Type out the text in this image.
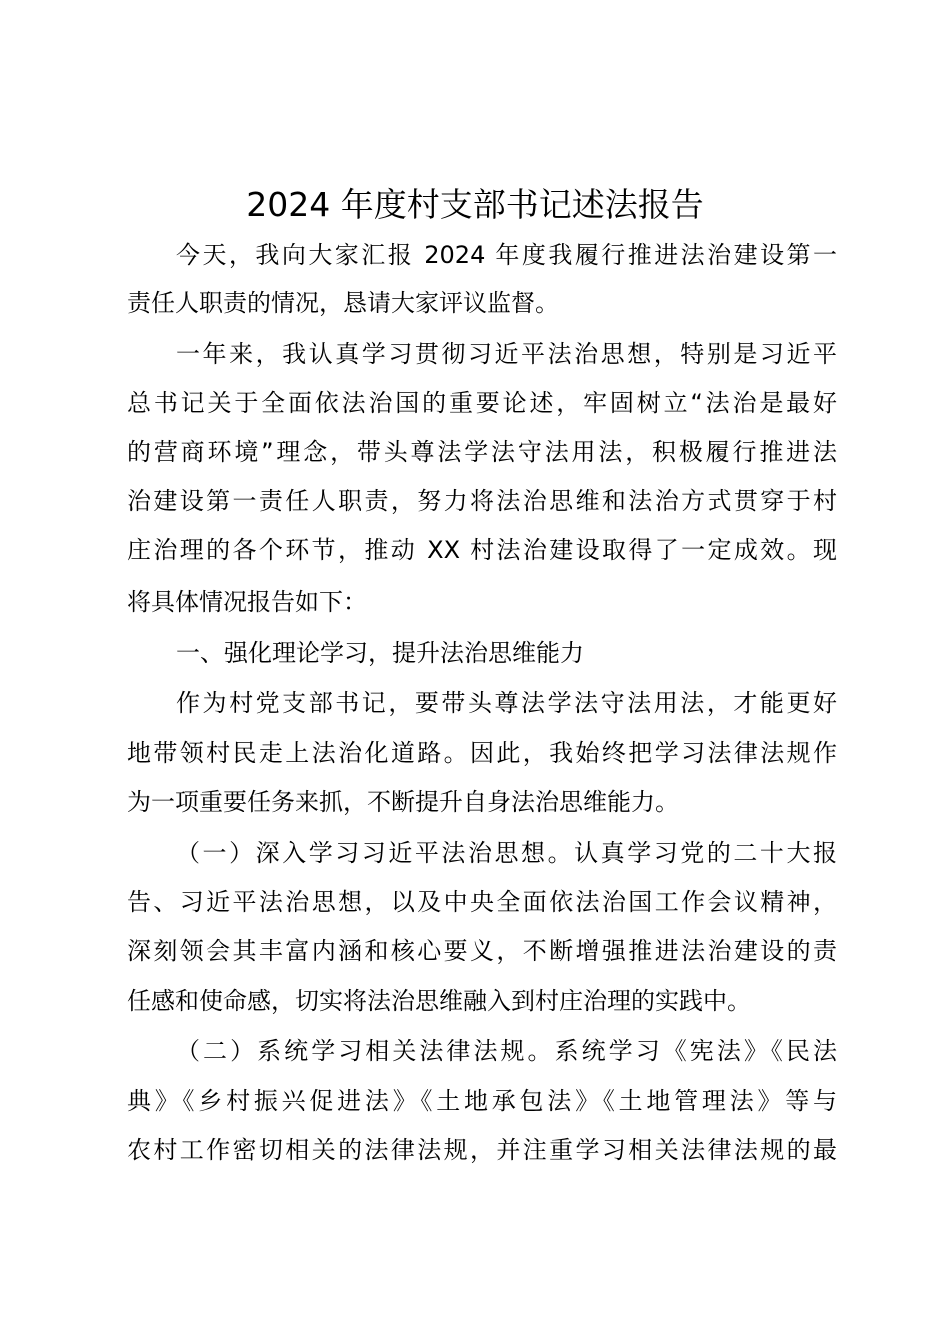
2024 年度村支部书记述法报告
今天，我向大家汇报 2024 年度我履行推进法治建设第一
责任人职责的情况，恳请大家评议监督。
一年来，我认真学习贯彻习近平法治思想，特别是习近平
总书记关于全面依法治国的重要论述，牢固树立“法治是最好
的营商环境”理念，带头尊法学法守法用法，积极履行推进法
治建设第一责任人职责，努力将法治思维和法治方式贯穿于村
庄治理的各个环节，推动 XX 村法治建设取得了一定成效。现
将具体情况报告如下：
一、强化理论学习，提升法治思维能力
作为村党支部书记，要带头尊法学法守法用法，才能更好
地带领村民走上法治化道路。因此，我始终把学习法律法规作
为一项重要任务来抓，不断提升自身法治思维能力。
（一）深入学习习近平法治思想。认真学习党的二十大报
告、习近平法治思想，以及中央全面依法治国工作会议精神，
深刻领会其丰富内涵和核心要义，不断增强推进法治建设的责
任感和使命感，切实将法治思维融入到村庄治理的实践中。
（二）系统学习相关法律法规。系统学习《宪法》《民法
典》《乡村振兴促进法》《土地承包法》《土地管理法》等与
农村工作密切相关的法律法规，并注重学习相关法律法规的最
